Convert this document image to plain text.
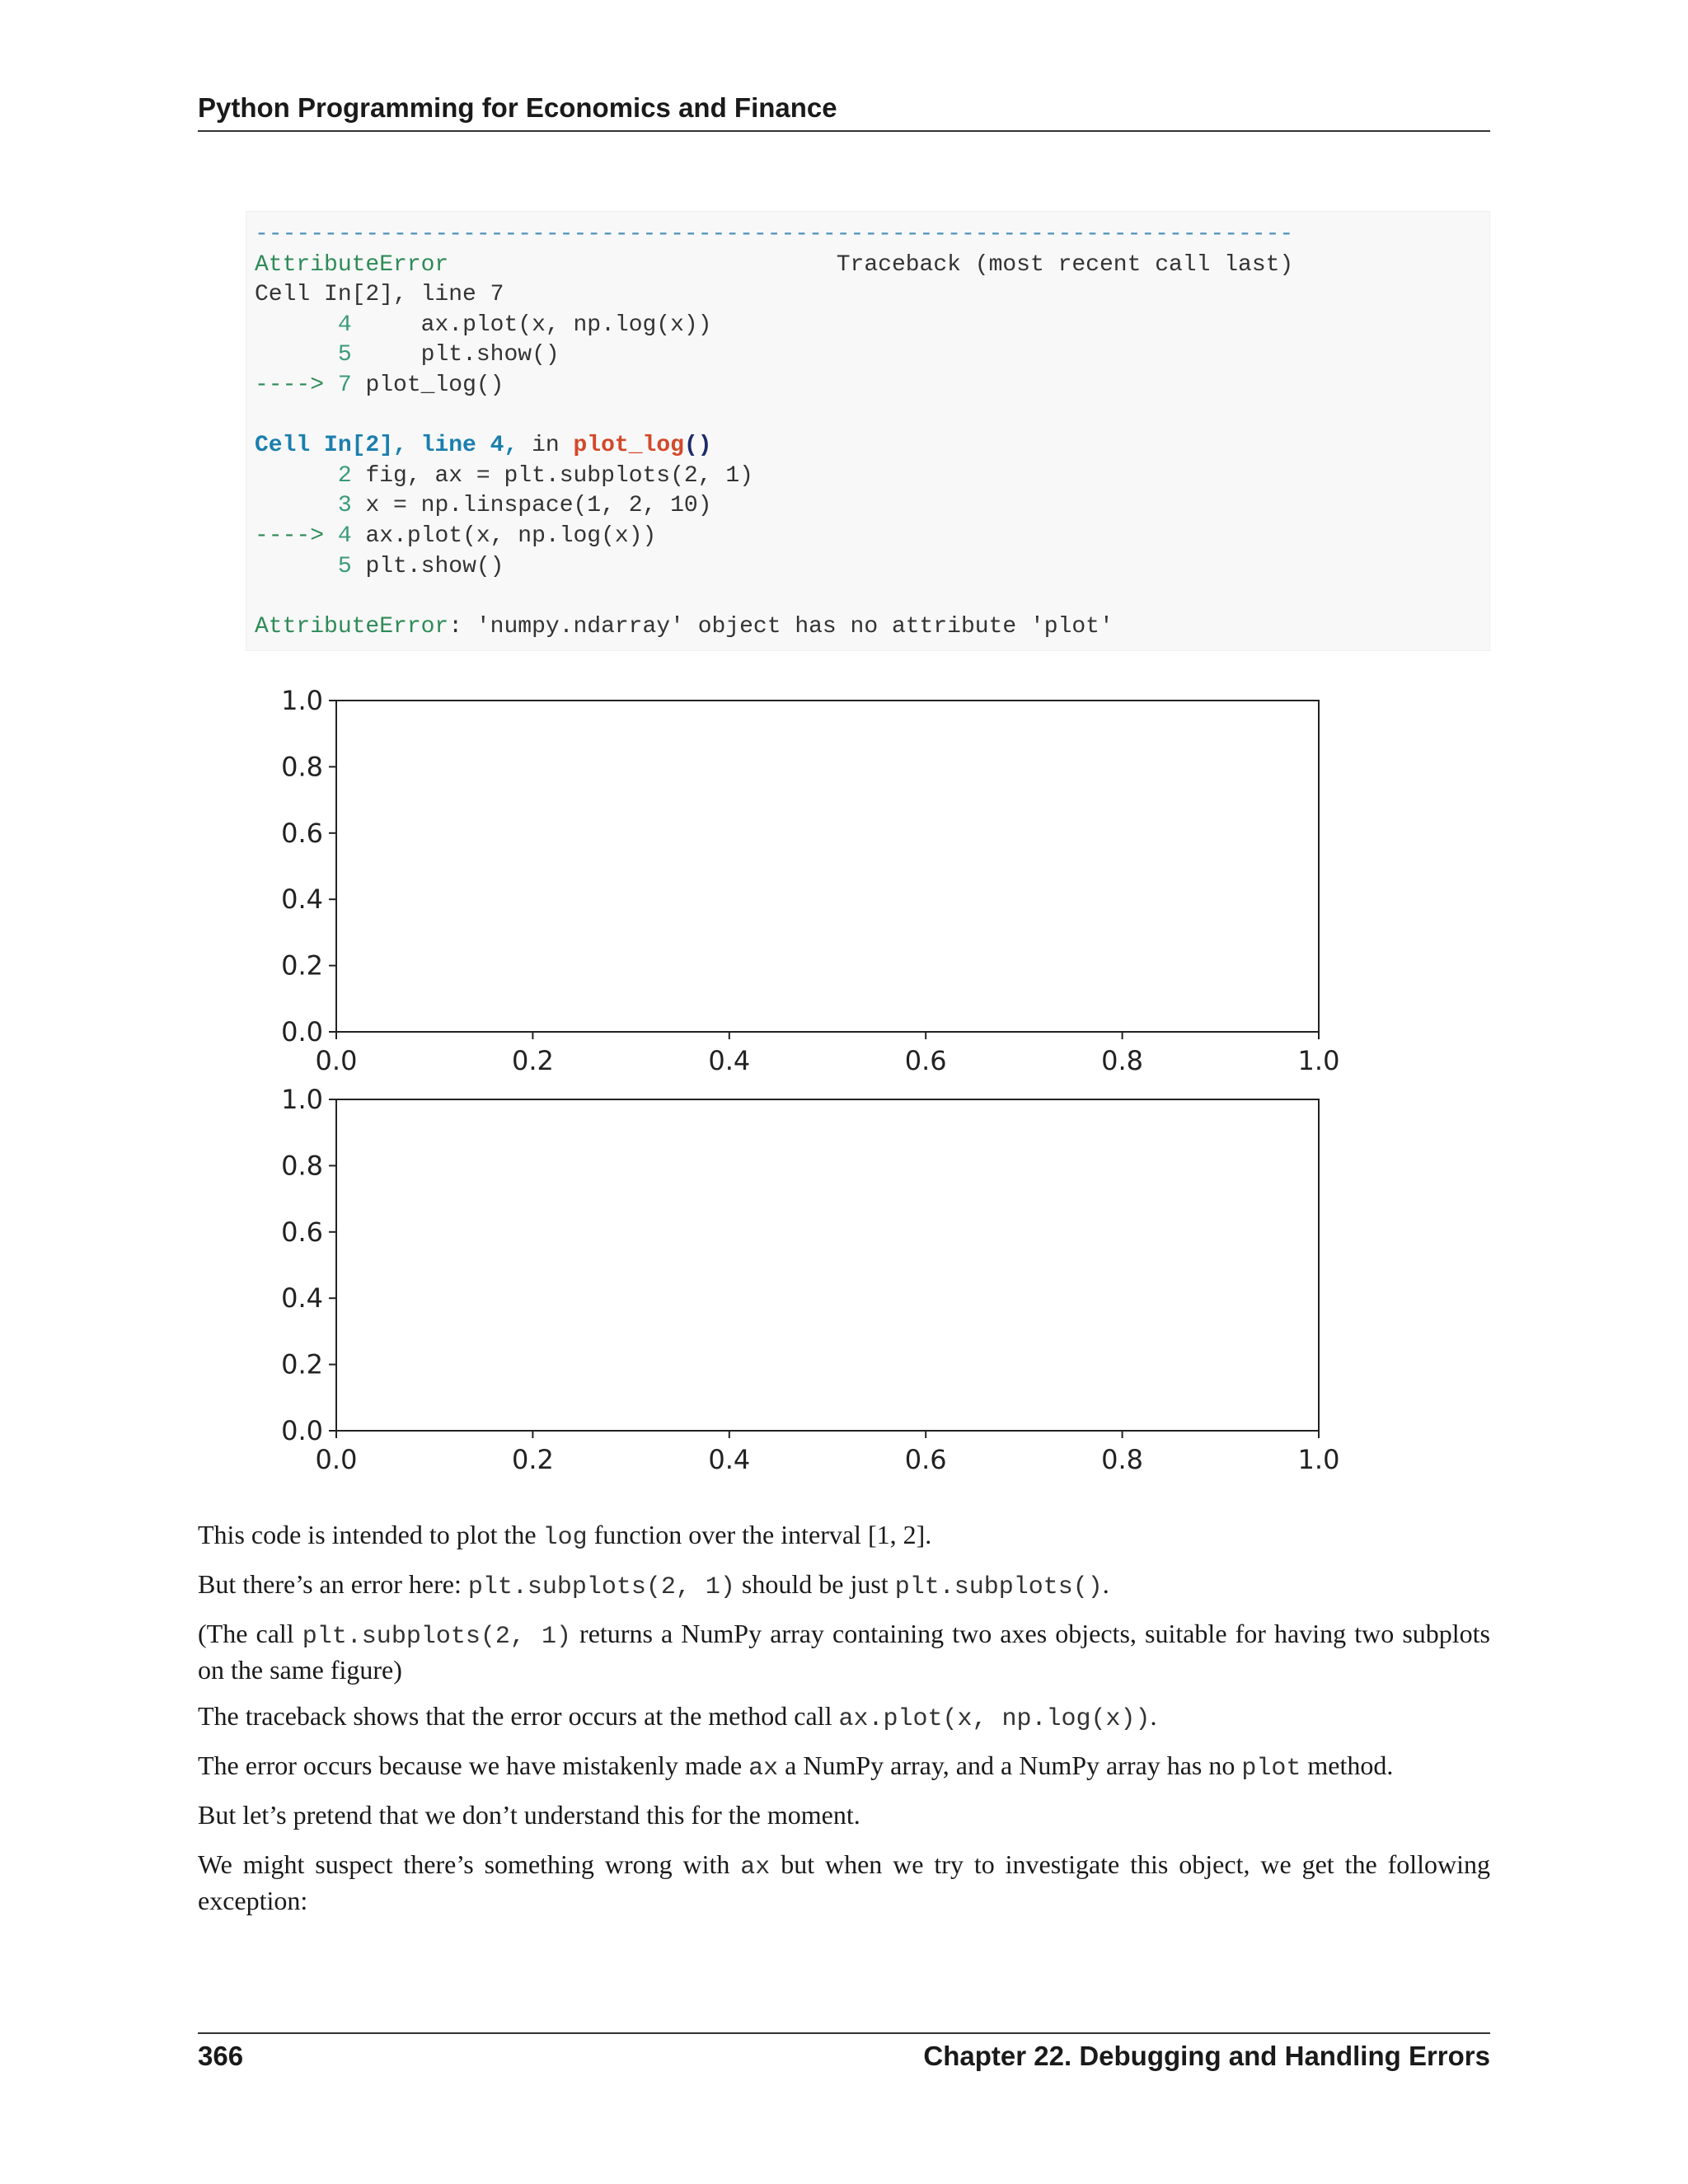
Python Programming for Economics and Finance
---------------------------------------------------------------------------
AttributeError	Traceback (most recent call last)
Cell In[2], line 7
4     ax.plot(x, np.log(x))
5     plt.show()
----> 7 plot_log()

Cell In[2], line 4, in plot_log()
2 fig, ax = plt.subplots(2, 1)
3 x = np.linspace(1, 2, 10)
----> 4 ax.plot(x, np.log(x))
5 plt.show()

AttributeError: 'numpy.ndarray' object has no attribute 'plot'
0.0	0.2	0.4	0.6	0.8	1.0
0.0
0.2
0.4
0.6
0.8
1.0
0.0	0.2	0.4	0.6	0.8	1.0
0.0
0.2
0.4
0.6
0.8
1.0

This code is intended to plot the log function over the interval [1, 2].

But there’s an error here: plt.subplots(2, 1) should be just plt.subplots().

(The call plt.subplots(2, 1) returns a NumPy array containing two axes objects, suitable for having two subplots on the same figure)

The traceback shows that the error occurs at the method call ax.plot(x, np.log(x)).

The error occurs because we have mistakenly made ax a NumPy array, and a NumPy array has no plot method.

But let’s pretend that we don’t understand this for the moment.

We might suspect there’s something wrong with ax but when we try to investigate this object, we get the following exception:

366	Chapter 22. Debugging and Handling Errors
